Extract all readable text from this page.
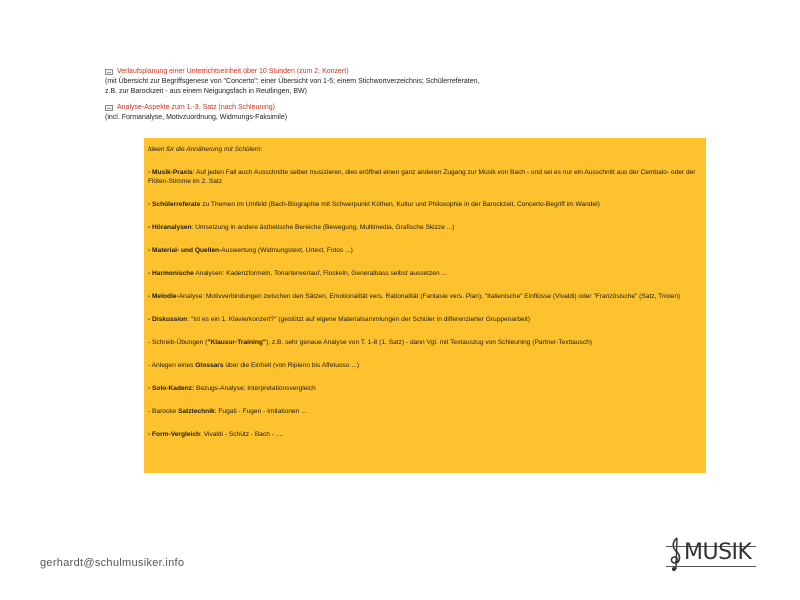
Verlaufsplanung einer Unterrichtseinheit über 10 Stunden (zum 2. Konzert)
(mit Übersicht zur Begriffsgenese von "Concerto"; einer Übersicht von 1-5; einem Stichwortverzeichnis; Schülerreferaten,
z.B. zur Barockzeit - aus einem Neigungsfach in Reutlingen, BW)
Analyse-Aspekte zum 1.-3. Satz (nach Schleuning)
(incl. Formanalyse, Motivzuordnung, Widmungs-Faksimile)

Ideen für die Annäherung mit Schülern:

- Musik-Praxis: Auf jeden Fall auch Ausschnitte selber musizieren, dies eröffnet einen ganz anderen Zugang zur Musik von Bach - und sei es nur ein Ausschnitt aus der Cembalo- oder der Flöten-Stimme im 2. Satz

- Schülerreferate zu Themen im Umfeld (Bach-Biographie mit Schwerpunkt Köthen, Kultur und Philosophie in der Barockzeit, Concerto-Begriff im Wandel)

- Höranalysen: Umsetzung in andere ästhetische Bereiche (Bewegung, Multimedia, Grafische Skizze ...)

- Material- und Quellen-Auswertung (Widmungstext, Urtext, Fotos ...)

- Harmonische Analysen: Kadenzformeln, Tonartenverlauf, Floskeln, Generalbass selbst aussetzen ...

- Melodie-Analyse: Motivverbindungen zwischen den Sätzen, Emotionalität vers. Rationalität (Fantasie vers. Plan), "Italienische" Einflüsse (Vivaldi) oder "Französische" (Satz, Triolen)

- Diskussion: "Ist es ein 1. Klavierkonzert?" (gestützt auf eigene Materialsammlungen der Schüler in differenzierter Gruppenarbeit)

- Schreib-Übungen ("Klausur-Training"), z.B. sehr genaue Analyse von T. 1-8 (1. Satz) - dann Vgl. mit Textauszug von Schleuning (Partner-Texttausch)

- Anlegen eines Glossars über die Einheit (von Ripieno bis Affetuoso ...)

- Solo-Kadenz: Bezugs-Analyse; Interpretationsvergleich

- Barocke Satztechnik: Fugati - Fugen - Imitationen ...

- Form-Vergleich: Vivaldi - Schütz - Bach - ....

gerhardt@schulmusiker.info	MUSIK
